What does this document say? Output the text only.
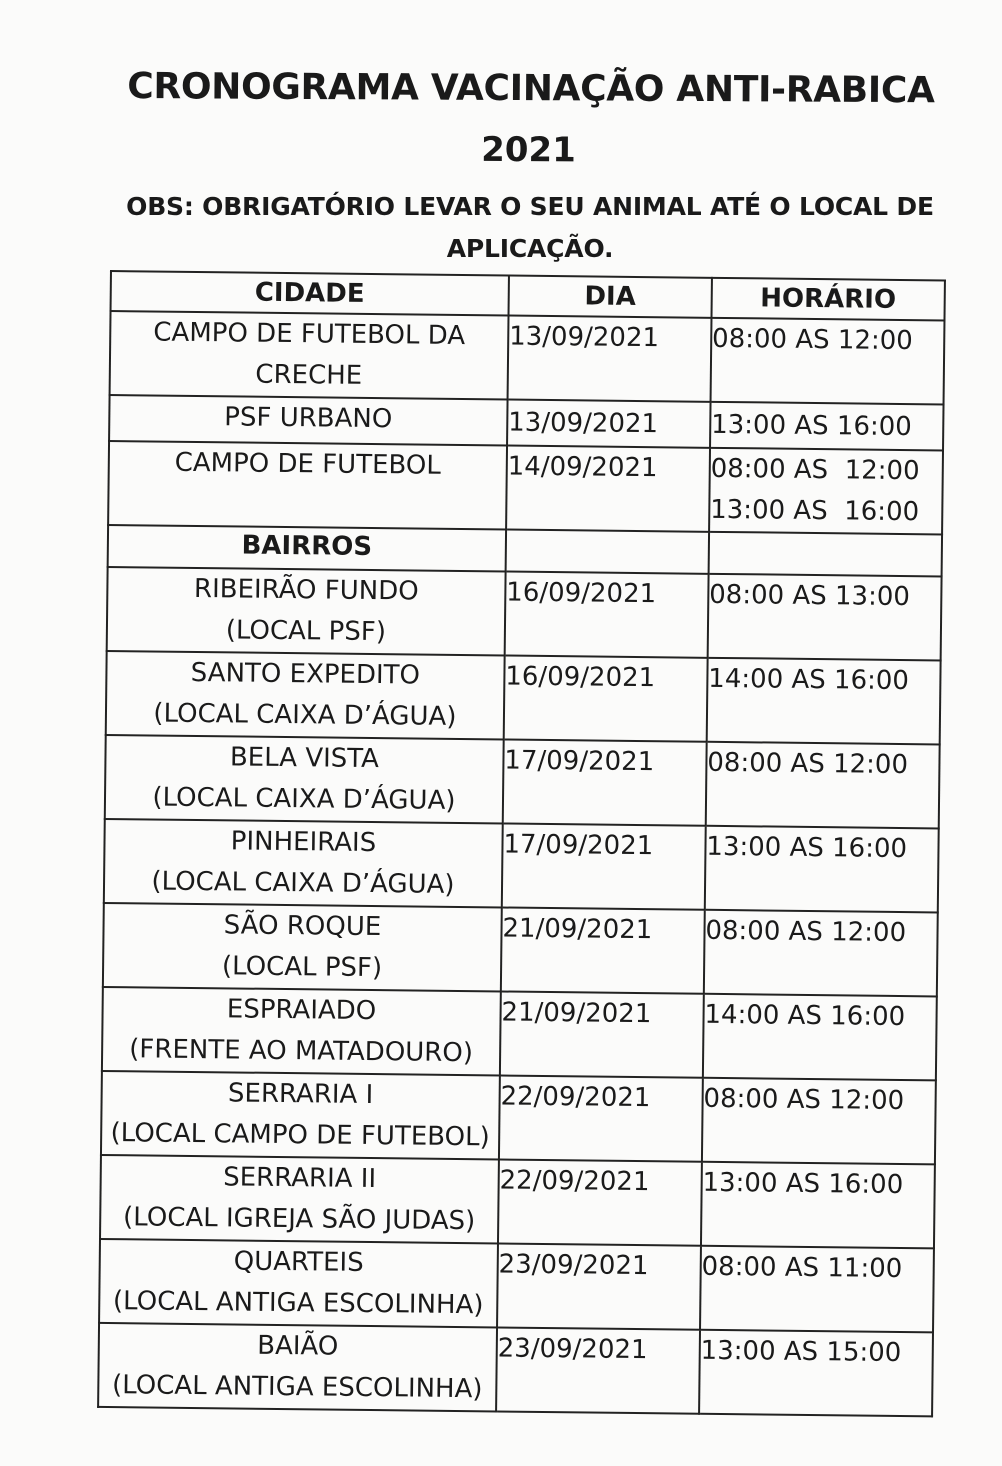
CRONOGRAMA VACINAÇÃO ANTI-RABICA
2021

OBS: OBRIGATÓRIO LEVAR O SEU ANIMAL ATÉ O LOCAL DE
APLICAÇÃO.

CIDADE	DIA	HORÁRIO

CAMPO DE FUTEBOL DA
CRECHE	13/09/2021	08:00 AS 12:00

PSF URBANO	13/09/2021	13:00 AS 16:00

CAMPO DE FUTEBOL	14/09/2021	08:00 AS  12:00
13:00 AS  16:00

BAIRROS		

RIBEIRÃO FUNDO
(LOCAL PSF)	16/09/2021	08:00 AS 13:00

SANTO EXPEDITO
(LOCAL CAIXA D’ÁGUA)	16/09/2021	14:00 AS 16:00

BELA VISTA
(LOCAL CAIXA D’ÁGUA)	17/09/2021	08:00 AS 12:00

PINHEIRAIS
(LOCAL CAIXA D’ÁGUA)	17/09/2021	13:00 AS 16:00

SÃO ROQUE
(LOCAL PSF)	21/09/2021	08:00 AS 12:00

ESPRAIADO
(FRENTE AO MATADOURO)	21/09/2021	14:00 AS 16:00

SERRARIA I
(LOCAL CAMPO DE FUTEBOL)	22/09/2021	08:00 AS 12:00

SERRARIA II
(LOCAL IGREJA SÃO JUDAS)	22/09/2021	13:00 AS 16:00

QUARTEIS
(LOCAL ANTIGA ESCOLINHA)	23/09/2021	08:00 AS 11:00

BAIÃO
(LOCAL ANTIGA ESCOLINHA)	23/09/2021	13:00 AS 15:00
